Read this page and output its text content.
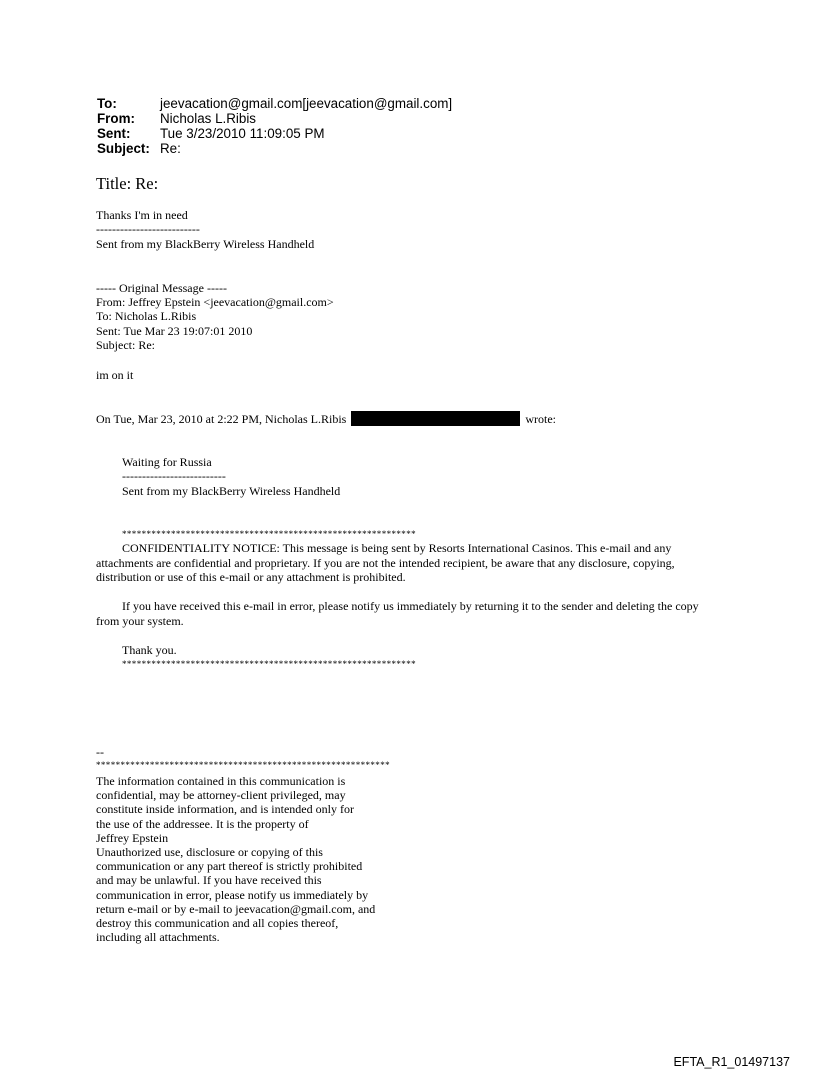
To:	jeevacation@gmail.com[jeevacation@gmail.com]
From:	Nicholas L.Ribis
Sent:	Tue 3/23/2010 11:09:05 PM
Subject: Re:
Title: Re:
Thanks I'm in need
--------------------------
Sent from my BlackBerry Wireless Handheld
----- Original Message -----
From: Jeffrey Epstein <jeevacation@gmail.com>
To: Nicholas L.Ribis
Sent: Tue Mar 23 19:07:01 2010
Subject: Re:
im on it
On Tue, Mar 23, 2010 at 2:22 PM, Nicholas L.Ribis	wrote:
Waiting for Russia
--------------------------
Sent from my BlackBerry Wireless Handheld
************************************************************
CONFIDENTIALITY NOTICE: This message is being sent by Resorts International Casinos. This e-mail and any attachments are confidential and proprietary. If you are not the intended recipient, be aware that any disclosure, copying, distribution or use of this e-mail or any attachment is prohibited.
If you have received this e-mail in error, please notify us immediately by returning it to the sender and deleting the copy from your system.
Thank you.
************************************************************
--
************************************************************
The information contained in this communication is
confidential, may be attorney-client privileged, may
constitute inside information, and is intended only for
the use of the addressee. It is the property of
Jeffrey Epstein
Unauthorized use, disclosure or copying of this
communication or any part thereof is strictly prohibited
and may be unlawful. If you have received this
communication in error, please notify us immediately by
return e-mail or by e-mail to jeevacation@gmail.com, and
destroy this communication and all copies thereof,
including all attachments.
EFTA_R1_01497137
